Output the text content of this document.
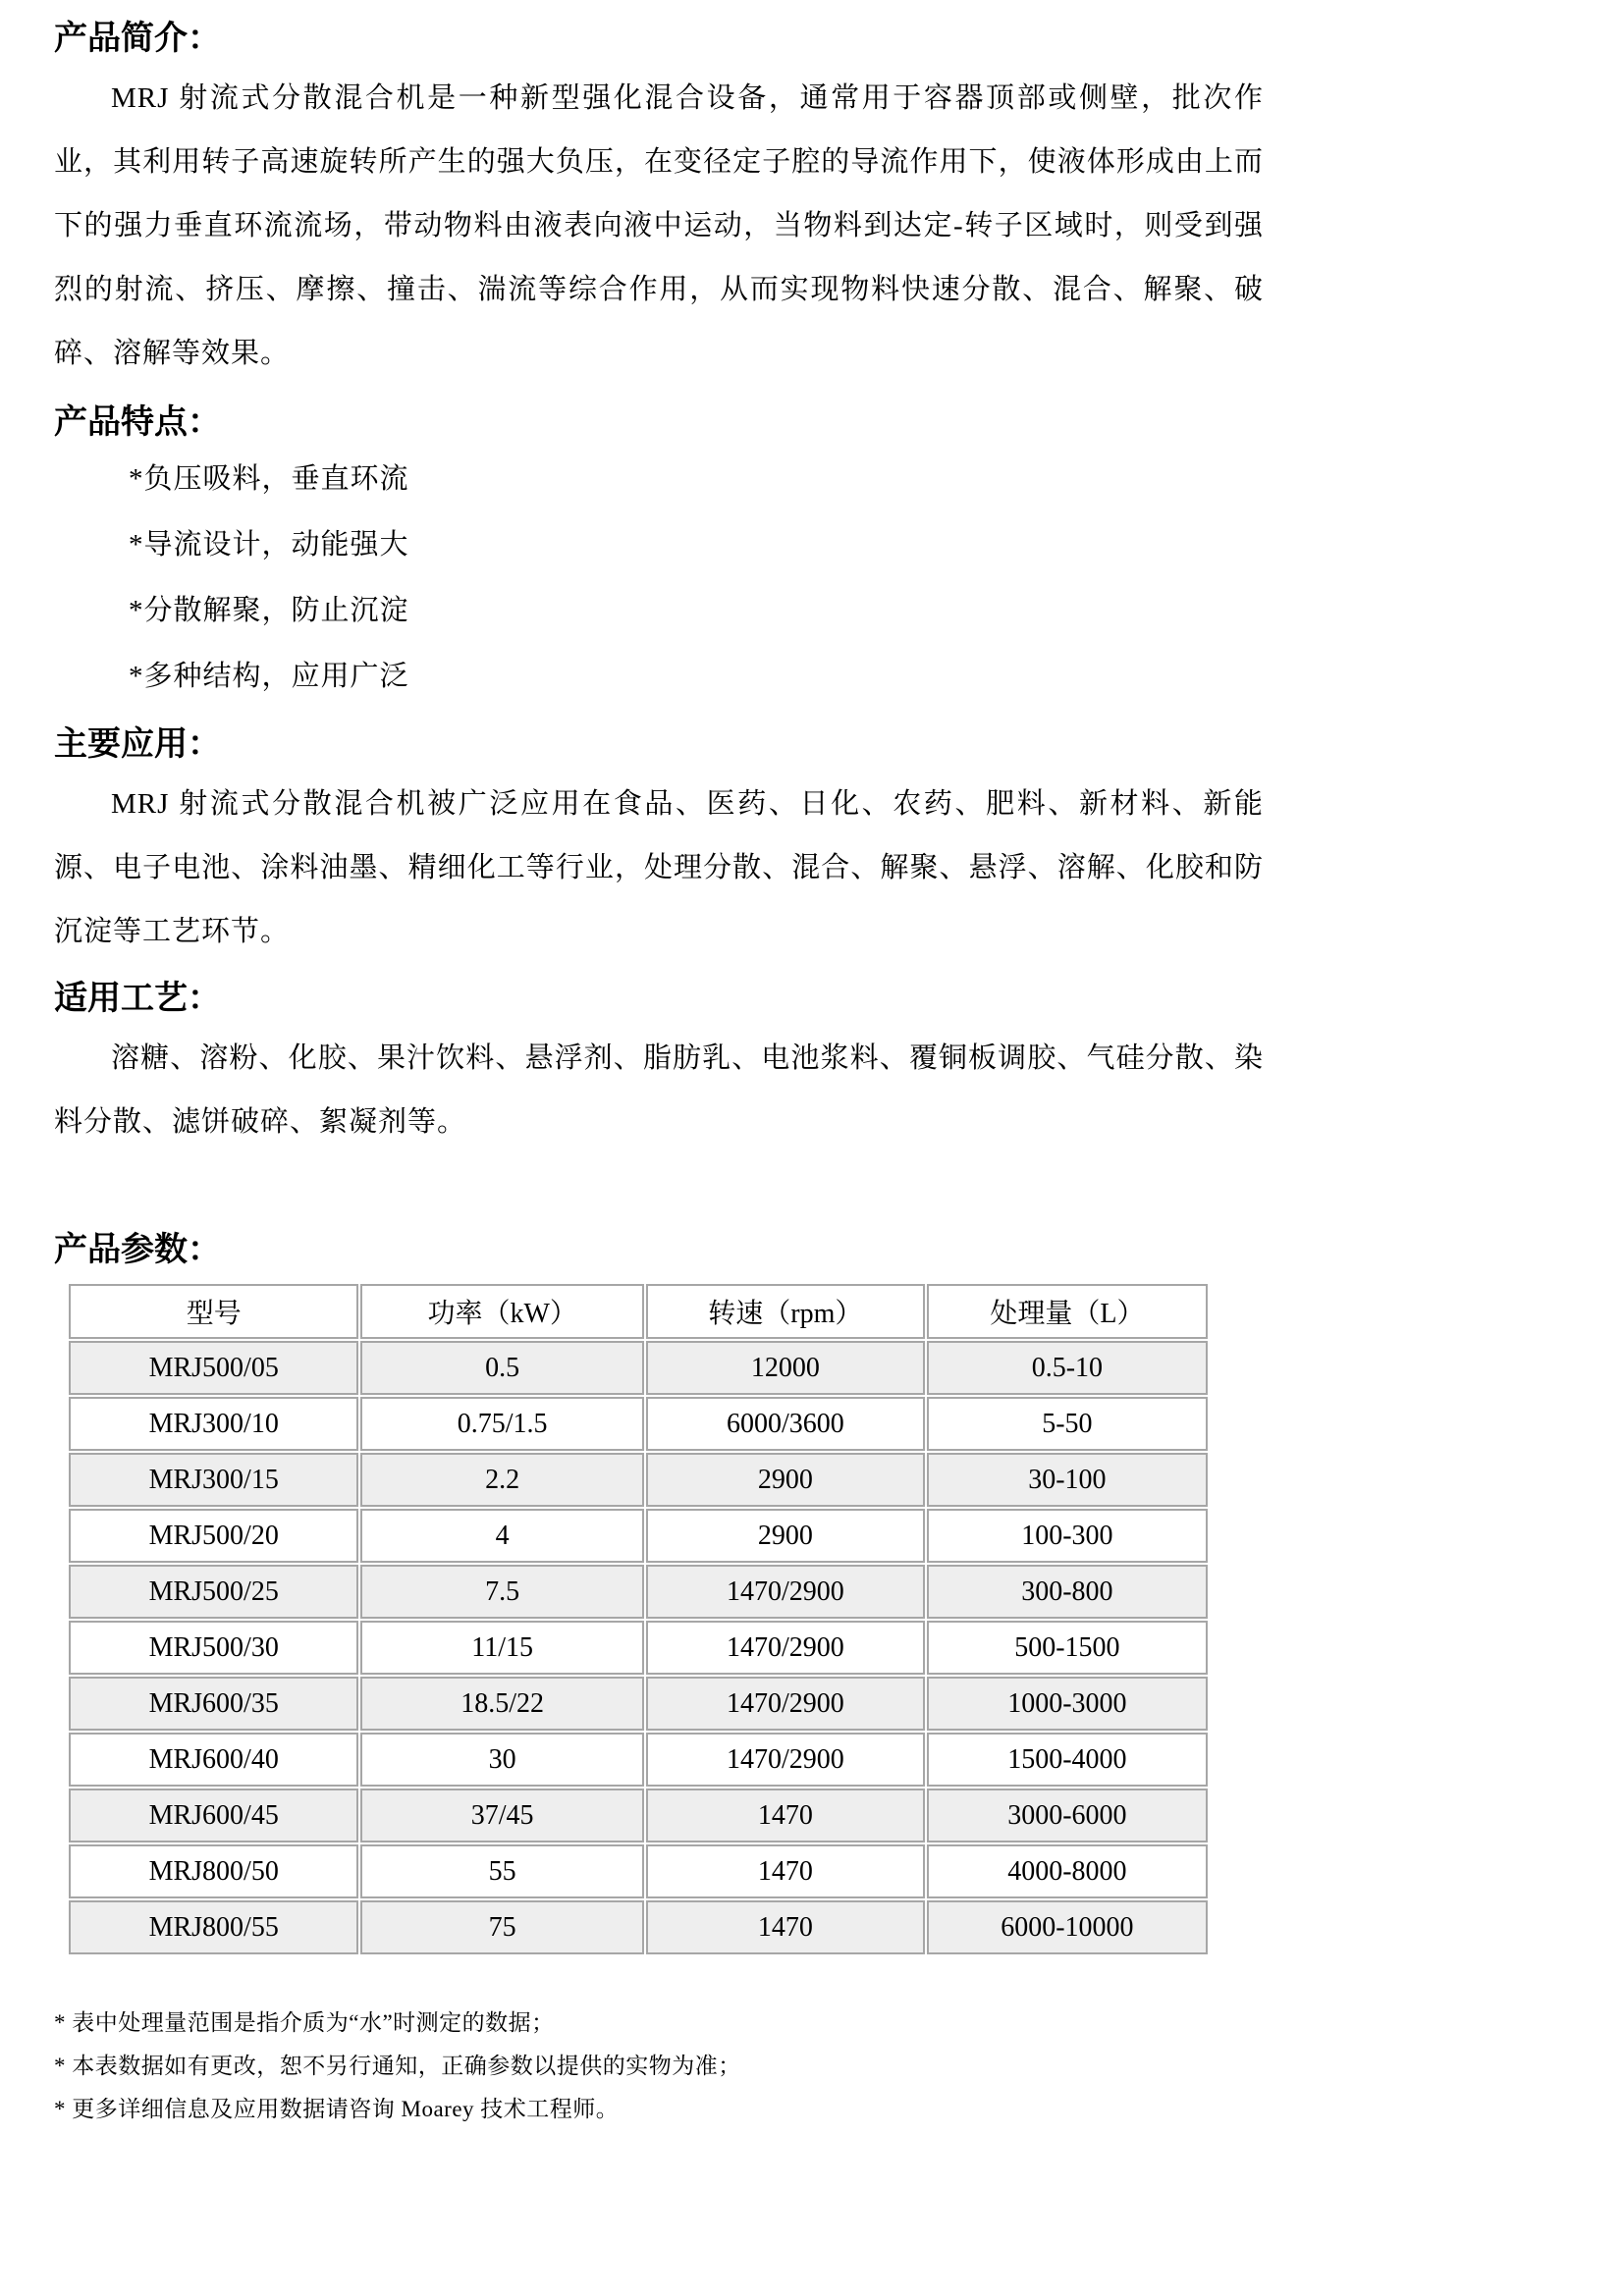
产品简介：

MRJ 射流式分散混合机是一种新型强化混合设备，通常用于容器顶部或侧壁，批次作业，其利用转子高速旋转所产生的强大负压，在变径定子腔的导流作用下，使液体形成由上而下的强力垂直环流流场，带动物料由液表向液中运动，当物料到达定-转子区域时，则受到强烈的射流、挤压、摩擦、撞击、湍流等综合作用，从而实现物料快速分散、混合、解聚、破碎、溶解等效果。

产品特点：
*负压吸料，垂直环流
*导流设计，动能强大
*分散解聚，防止沉淀
*多种结构，应用广泛
主要应用：

MRJ 射流式分散混合机被广泛应用在食品、医药、日化、农药、肥料、新材料、新能源、电子电池、涂料油墨、精细化工等行业，处理分散、混合、解聚、悬浮、溶解、化胶和防沉淀等工艺环节。

适用工艺：

溶糖、溶粉、化胶、果汁饮料、悬浮剂、脂肪乳、电池浆料、覆铜板调胶、气硅分散、染料分散、滤饼破碎、絮凝剂等。

产品参数：
型号	功率（kW）	转速（rpm）	处理量（L）
MRJ500/05	0.5	12000	0.5-10
MRJ300/10	0.75/1.5	6000/3600	5-50
MRJ300/15	2.2	2900	30-100
MRJ500/20	4	2900	100-300
MRJ500/25	7.5	1470/2900	300-800
MRJ500/30	11/15	1470/2900	500-1500
MRJ600/35	18.5/22	1470/2900	1000-3000
MRJ600/40	30	1470/2900	1500-4000
MRJ600/45	37/45	1470	3000-6000
MRJ800/50	55	1470	4000-8000
MRJ800/55	75	1470	6000-10000
* 表中处理量范围是指介质为“水”时测定的数据；
* 本表数据如有更改，恕不另行通知，正确参数以提供的实物为准；
* 更多详细信息及应用数据请咨询 Moarey 技术工程师。
